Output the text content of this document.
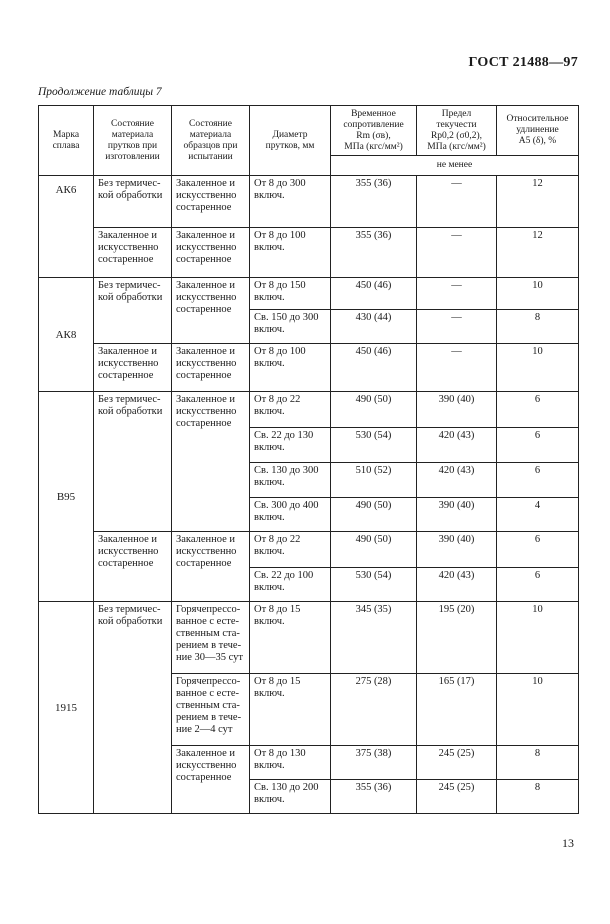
ГОСТ 21488—97
Продолжение таблицы 7
Марка
сплава	Состояние
материала
прутков при
изготовлении	Состояние
материала
образцов при
испытании	Диаметр
прутков, мм	Временное
сопротивление
Rm (σв),
МПа (кгс/мм²)	Предел
текучести
Rp0,2 (σ0,2),
МПа (кгс/мм²)	Относительное
удлинение
A5 (δ), %
				не менее		
АК6	Без термичес-
кой обработки	Закаленное и
искусственно
состаренное	От 8 до 300
включ.	355 (36)	—	12
	Закаленное и
искусственно
состаренное	Закаленное и
искусственно
состаренное	От 8 до 100
включ.	355 (36)	—	12
АК8	Без термичес-
кой обработки	Закаленное и
искусственно
состаренное	От 8 до 150
включ.	450 (46)	—	10
			Св. 150 до 300
включ.	430 (44)	—	8
	Закаленное и
искусственно
состаренное	Закаленное и
искусственно
состаренное	От 8 до 100
включ.	450 (46)	—	10
В95	Без термичес-
кой обработки	Закаленное и
искусственно
состаренное	От 8 до 22
включ.	490 (50)	390 (40)	6
			Св. 22 до 130
включ.	530 (54)	420 (43)	6
			Св. 130 до 300
включ.	510 (52)	420 (43)	6
			Св. 300 до 400
включ.	490 (50)	390 (40)	4
	Закаленное и
искусственно
состаренное	Закаленное и
искусственно
состаренное	От 8 до 22
включ.	490 (50)	390 (40)	6
			Св. 22 до 100
включ.	530 (54)	420 (43)	6
1915	Без термичес-
кой обработки	Горячепрессо-
ванное с есте-
ственным ста-
рением в тече-
ние 30—35 сут	От 8 до 15
включ.	345 (35)	195 (20)	10
		Горячепрессо-
ванное с есте-
ственным ста-
рением в тече-
ние 2—4 сут	От 8 до 15
включ.	275 (28)	165 (17)	10
		Закаленное и
искусственно
состаренное	От 8 до 130
включ.	375 (38)	245 (25)	8
			Св. 130 до 200
включ.	355 (36)	245 (25)	8
13
